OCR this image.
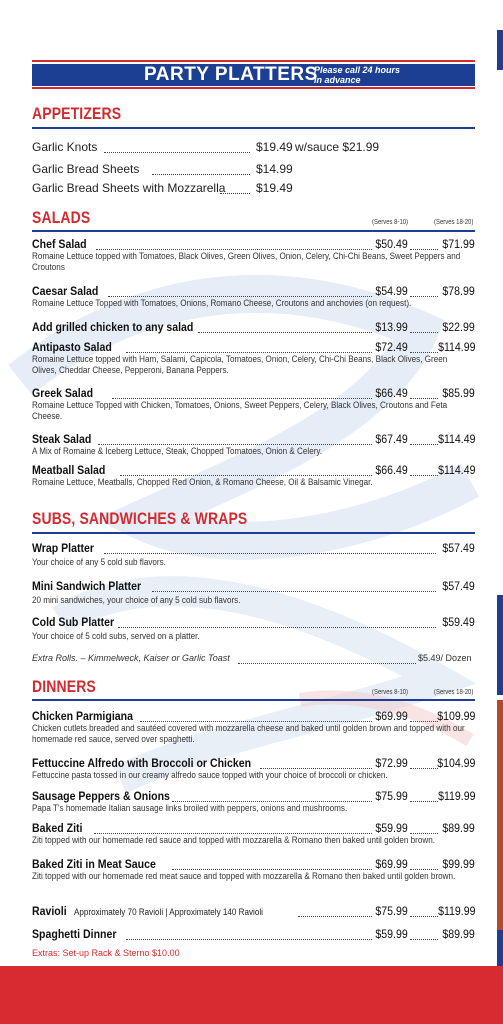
PARTY PLATTERS
Please call 24 hours
in advance
APPETIZERS
Garlic Knots	$19.49 w/sauce $21.99
Garlic Bread Sheets	$14.99
Garlic Bread Sheets with Mozzarella	$19.49
SALADS	(Serves 8-10)	(Serves 18-20)
Chef Salad	$50.49	$71.99
Romaine Lettuce topped with Tomatoes, Black Olives, Green Olives, Onion, Celery, Chi-Chi Beans, Sweet Peppers and Croutons
Caesar Salad	$54.99	$78.99
Romaine Lettuce Topped with Tomatoes, Onions, Romano Cheese, Croutons and anchovies (on request).
Add grilled chicken to any salad	$13.99	$22.99
Antipasto Salad	$72.49 $114.99
Romaine Lettuce topped with Ham, Salami, Capicola, Tomatoes, Onion, Celery, Chi-Chi Beans, Black Olives, Green Olives, Cheddar Cheese, Pepperoni, Banana Peppers.
Greek Salad	$66.49	$85.99
Romaine Lettuce Topped with Chicken, Tomatoes, Onions, Sweet Peppers, Celery, Black Olives, Croutons and Feta Cheese.
Steak Salad	$67.49 $114.49
A Mix of Romaine & Iceberg Lettuce, Steak, Chopped Tomatoes, Onion & Celery.
Meatball Salad	$66.49 $114.49
Romaine Lettuce, Meatballs, Chopped Red Onion, & Romano Cheese, Oil & Balsamic Vinegar.
SUBS, SANDWICHES & WRAPS
Wrap Platter	$57.49
Your choice of any 5 cold sub flavors.
Mini Sandwich Platter	$57.49
20 mini sandwiches, your choice of any 5 cold sub flavors.
Cold Sub Platter	$59.49
Your choice of 5 cold subs, served on a platter.
Extra Rolls. – Kimmelweck, Kaiser or Garlic Toast	$5.49/ Dozen
DINNERS	(Serves 8-10)	(Serves 18-20)
Chicken Parmigiana	$69.99 $109.99
Chicken cutlets breaded and sautéed covered with mozzarella cheese and baked until golden brown and topped with our homemade red sauce, served over spaghetti.
Fettuccine Alfredo with Broccoli or Chicken	$72.99 $104.99
Fettuccine pasta tossed in our creamy alfredo sauce topped with your choice of broccoli or chicken.
Sausage Peppers & Onions	$75.99 $119.99
Papa T's homemade Italian sausage links broiled with peppers, onions and mushrooms.
Baked Ziti	$59.99	$89.99
Ziti topped with our homemade red sauce and topped with mozzarella & Romano then baked until golden brown.
Baked Ziti in Meat Sauce	$69.99	$99.99
Ziti topped with our homemade red meat sauce and topped with mozzarella & Romano then baked until golden brown.
Ravioli Approximately 70 Ravioli | Approximately 140 Ravioli	$75.99 $119.99
Spaghetti Dinner	$59.99	$89.99
Extras: Set-up Rack & Sterno $10.00
